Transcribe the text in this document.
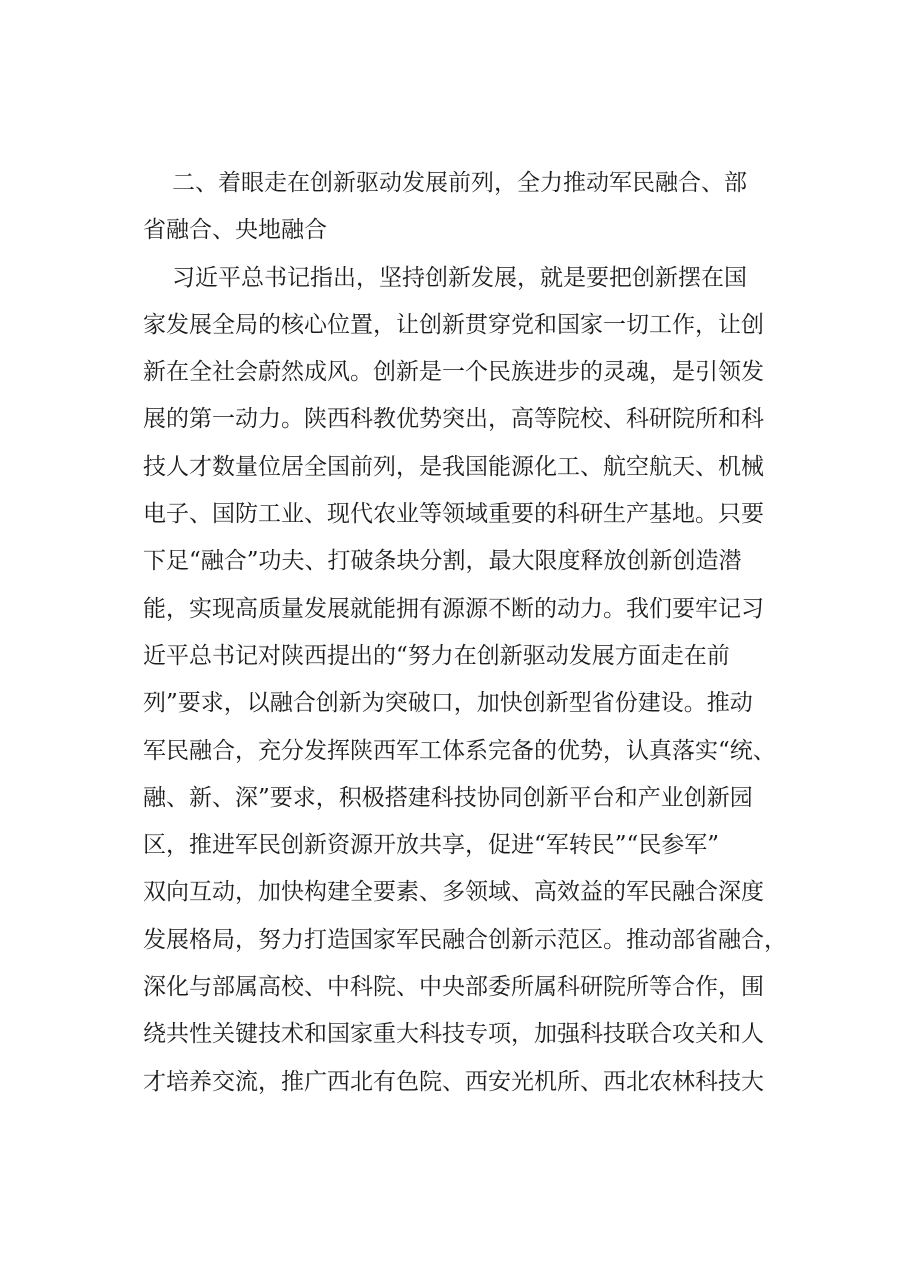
二、着眼走在创新驱动发展前列，全力推动军民融合、部
省融合、央地融合
习近平总书记指出，坚持创新发展，就是要把创新摆在国
家发展全局的核心位置，让创新贯穿党和国家一切工作，让创
新在全社会蔚然成风。创新是一个民族进步的灵魂，是引领发
展的第一动力。陕西科教优势突出，高等院校、科研院所和科
技人才数量位居全国前列，是我国能源化工、航空航天、机械
电子、国防工业、现代农业等领域重要的科研生产基地。只要
下足“融合”功夫、打破条块分割，最大限度释放创新创造潜
能，实现高质量发展就能拥有源源不断的动力。我们要牢记习
近平总书记对陕西提出的“努力在创新驱动发展方面走在前
列”要求，以融合创新为突破口，加快创新型省份建设。推动
军民融合，充分发挥陕西军工体系完备的优势，认真落实“统、
融、新、深”要求，积极搭建科技协同创新平台和产业创新园
区，推进军民创新资源开放共享，促进“军转民”“民参军”
双向互动，加快构建全要素、多领域、高效益的军民融合深度
发展格局，努力打造国家军民融合创新示范区。推动部省融合，
深化与部属高校、中科院、中央部委所属科研院所等合作，围
绕共性关键技术和国家重大科技专项，加强科技联合攻关和人
才培养交流，推广西北有色院、西安光机所、西北农林科技大
